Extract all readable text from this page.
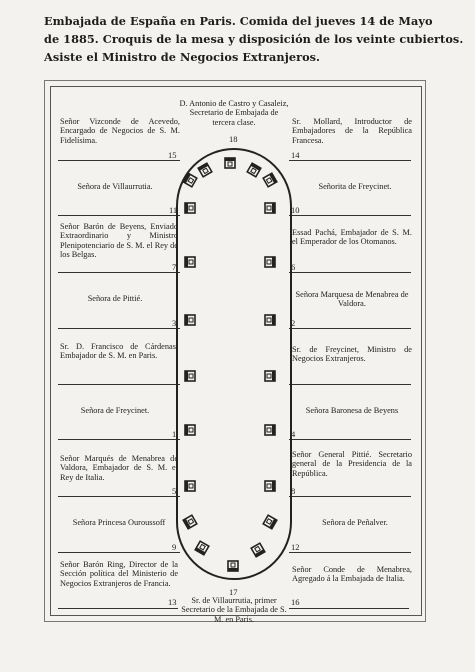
Embajada de España en Paris. Comida del jueves 14 de Mayo
de 1885. Croquis de la mesa y disposición de los veinte cubiertos.
Asiste el Ministro de Negocios Extranjeros.
D. Antonio de Castro y Casaleiz, Secretario de Embajada de tercera clase.
18
Señor Vizconde de Acevedo, Encargado de Negocios de S. M. Fidelísima.
15
Señora de Villaurrutia.
11
Señor Barón de Beyens, Enviado Extraordinario y Ministro Plenipotenciario de S. M. el Rey de los Belgas.
7
Señora de Pittié.
3
Sr. D. Francisco de Cárdenas, Embajador de S. M. en Paris.
Señora de Freycinet.
1
Señor Marqués de Menabrea de Valdora, Embajador de S. M. el Rey de Italia.
5
Señora Princesa Ouroussoff
9
Señor Barón Ring, Director de la Sección política del Ministerio de Negocios Extranjeros de Francia.
13
Sr. Mollard, Introductor de Embajadores de la República Francesa.
14
Señorita de Freycinet.
10
Essad Pachá, Embajador de S. M. el Emperador de los Otomanos.
6
Señora Marquesa de Menabrea de Valdora.
2
Sr. de Freycinet, Ministro de Negocios Extranjeros.
Señora Baronesa de Beyens
4
Señor General Pittié. Secretario general de la Presidencia de la República.
8
Señora de Peñalver.
12
Señor Conde de Menabrea, Agregado á la Embajada de Italia.
16
17
Sr. de Villaurrutia, primer Secretario de la Embajada de S. M. en Paris.
